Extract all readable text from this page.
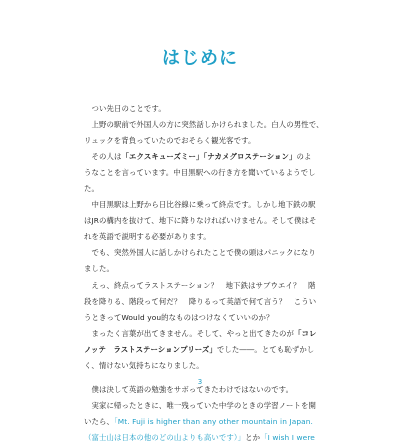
はじめに
　つい先日のことです。
　上野の駅前で外国人の方に突然話しかけられました。白人の男性で、
リュックを背負っていたのでおそらく観光客です。
　その人は「エクスキューズミー」「ナカメグロステーション」のよ
うなことを言っています。中目黒駅への行き方を聞いているようでし
た。
　中目黒駅は上野から日比谷線に乗って終点です。しかし地下鉄の駅
はJRの構内を抜けて、地下に降りなければいけません。そして僕はそ
れを英語で説明する必要があります。
　でも、突然外国人に話しかけられたことで僕の頭はパニックになり
ました。
　えっ、終点ってラストステーション？　地下鉄はサブウエイ？　階
段を降りる、階段って何だ？　降りるって英語で何て言う？　こうい
うときってWould you的なものはつけなくていいのか？
　まったく言葉が出てきません。そして、やっと出てきたのが「コレ
ノッテ　ラストステーションプリーズ」でした――。とても恥ずかし
く、情けない気持ちになりました。
　僕は決して英語の勉強をサボってきたわけではないのです。
　実家に帰ったときに、唯一残っていた中学のときの学習ノートを開
いたら、「Mt. Fuji is higher than any other mountain in Japan.
（富士山は日本の他のどの山よりも高いです）」とか「I wish I were
3
